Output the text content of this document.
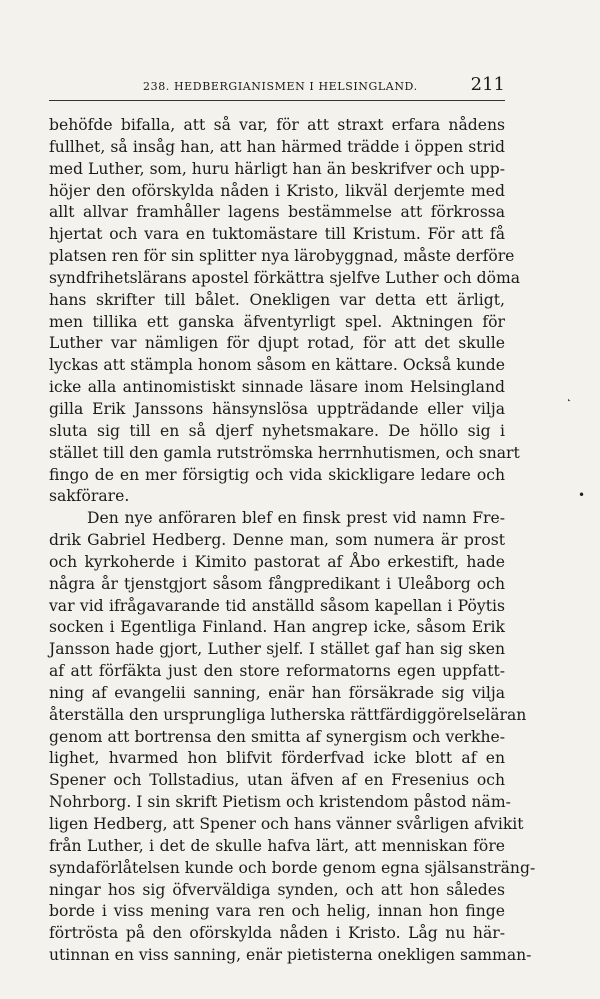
238. HEDBERGIANISMEN I HELSINGLAND.	211
behöfde bifalla, att så var, för att straxt erfara nådens
fullhet, så insåg han, att han härmed trädde i öppen strid
med Luther, som, huru härligt han än beskrifver och upp-
höjer den oförskylda nåden i Kristo, likväl derjemte med
allt allvar framhåller lagens bestämmelse att förkrossa
hjertat och vara en tuktomästare till Kristum. För att få
platsen ren för sin splitter nya lärobyggnad, måste derföre
syndfrihetslärans apostel förkättra sjelfve Luther och döma
hans skrifter till bålet. Onekligen var detta ett ärligt,
men tillika ett ganska äfventyrligt spel. Aktningen för
Luther var nämligen för djupt rotad, för att det skulle
lyckas att stämpla honom såsom en kättare. Också kunde
icke alla antinomistiskt sinnade läsare inom Helsingland
gilla Erik Janssons hänsynslösa uppträdande eller vilja
sluta sig till en så djerf nyhetsmakare. De höllo sig i
stället till den gamla rutströmska herrnhutismen, och snart
fingo de en mer försigtig och vida skickligare ledare och
sakförare.
Den nye anföraren blef en finsk prest vid namn Fre-
drik Gabriel Hedberg. Denne man, som numera är prost
och kyrkoherde i Kimito pastorat af Åbo erkestift, hade
några år tjenstgjort såsom fångpredikant i Uleåborg och
var vid ifrågavarande tid anställd såsom kapellan i Pöytis
socken i Egentliga Finland. Han angrep icke, såsom Erik
Jansson hade gjort, Luther sjelf. I stället gaf han sig sken
af att förfäkta just den store reformatorns egen uppfatt-
ning af evangelii sanning, enär han försäkrade sig vilja
återställa den ursprungliga lutherska rättfärdiggörelseläran
genom att bortrensa den smitta af synergism och verkhe-
lighet, hvarmed hon blifvit förderfvad icke blott af en
Spener och Tollstadius, utan äfven af en Fresenius och
Nohrborg. I sin skrift Pietism och kristendom påstod näm-
ligen Hedberg, att Spener och hans vänner svårligen afvikit
från Luther, i det de skulle hafva lärt, att menniskan före
syndaförlåtelsen kunde och borde genom egna själsansträng-
ningar hos sig öfverväldiga synden, och att hon således
borde i viss mening vara ren och helig, innan hon finge
förtrösta på den oförskylda nåden i Kristo. Låg nu här-
utinnan en viss sanning, enär pietisterna onekligen samman-
˛
•
